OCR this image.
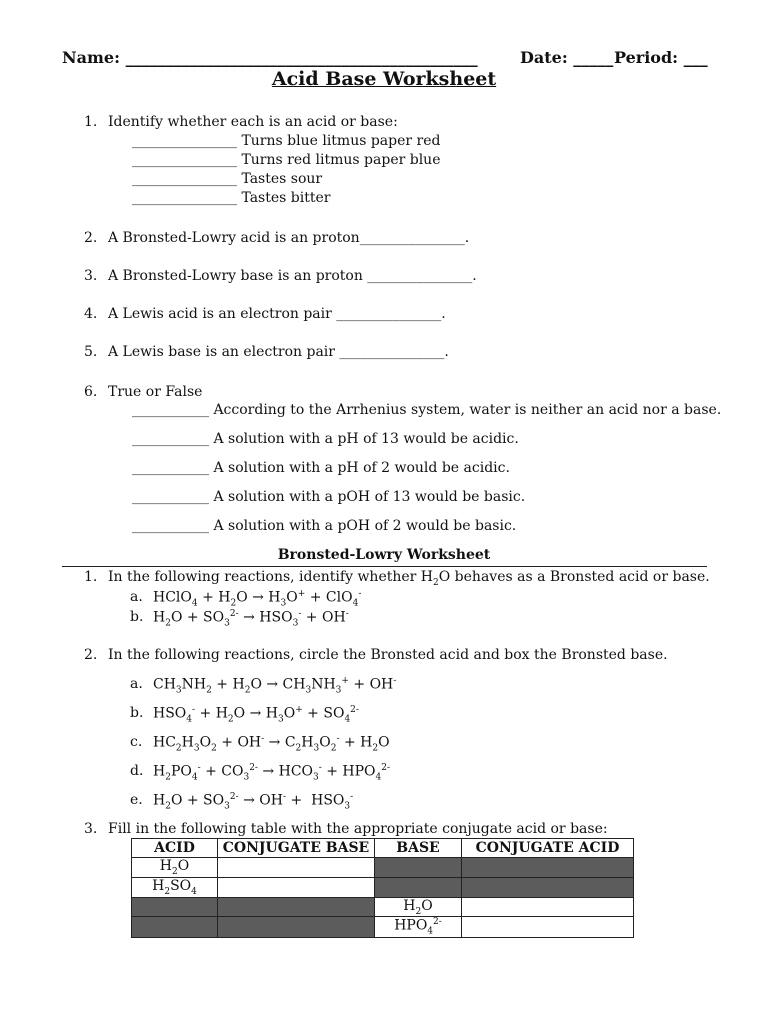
Name: ____________________________________________	Date: _____ Period: ___
Acid Base Worksheet
1. Identify whether each is an acid or base:
_______________ Turns blue litmus paper red
_______________ Turns red litmus paper blue
_______________ Tastes sour
_______________ Tastes bitter
2. A Bronsted-Lowry acid is an proton_______________.
3. A Bronsted-Lowry base is an proton _______________.
4. A Lewis acid is an electron pair _______________.
5. A Lewis base is an electron pair _______________.
6. True or False
___________ According to the Arrhenius system, water is neither an acid nor a base.
___________ A solution with a pH of 13 would be acidic.
___________ A solution with a pH of 2 would be acidic.
___________ A solution with a pOH of 13 would be basic.
___________ A solution with a pOH of 2 would be basic.
Bronsted-Lowry Worksheet
1. In the following reactions, identify whether $H_2O$ behaves as a Bronsted acid or base.
a. HClO$_4$ + $H_2O \to H_3O^+ + ClO_4^-$
b. $H_2O + SO_3^{2-} \to HSO_3^- + OH^-$
2. In the following reactions, circle the Bronsted acid and box the Bronsted base.
a. $CH_3NH_2 + H_2O \to CH_3NH_3^+ + OH^-$
b. $HSO_4^- + H_2O \to H_3O^+ + SO_4^{2-}$
c. $HC_2H_3O_2 + OH^- \to C_2H_3O_2^- + H_2O$
d. $H_2PO_4^- + CO_3^{2-} \to HCO_3^- + HPO_4^{2-}$
e. $H_2O + SO_3^{2-} \to OH^- + HSO_3^-$
3. Fill in the following table with the appropriate conjugate acid or base:
ACID	CONJUGATE BASE	BASE	CONJUGATE ACID
$H_2O$			
$H_2SO_4$			
		$H_2O$	
		$HPO_4^{2-}$	
